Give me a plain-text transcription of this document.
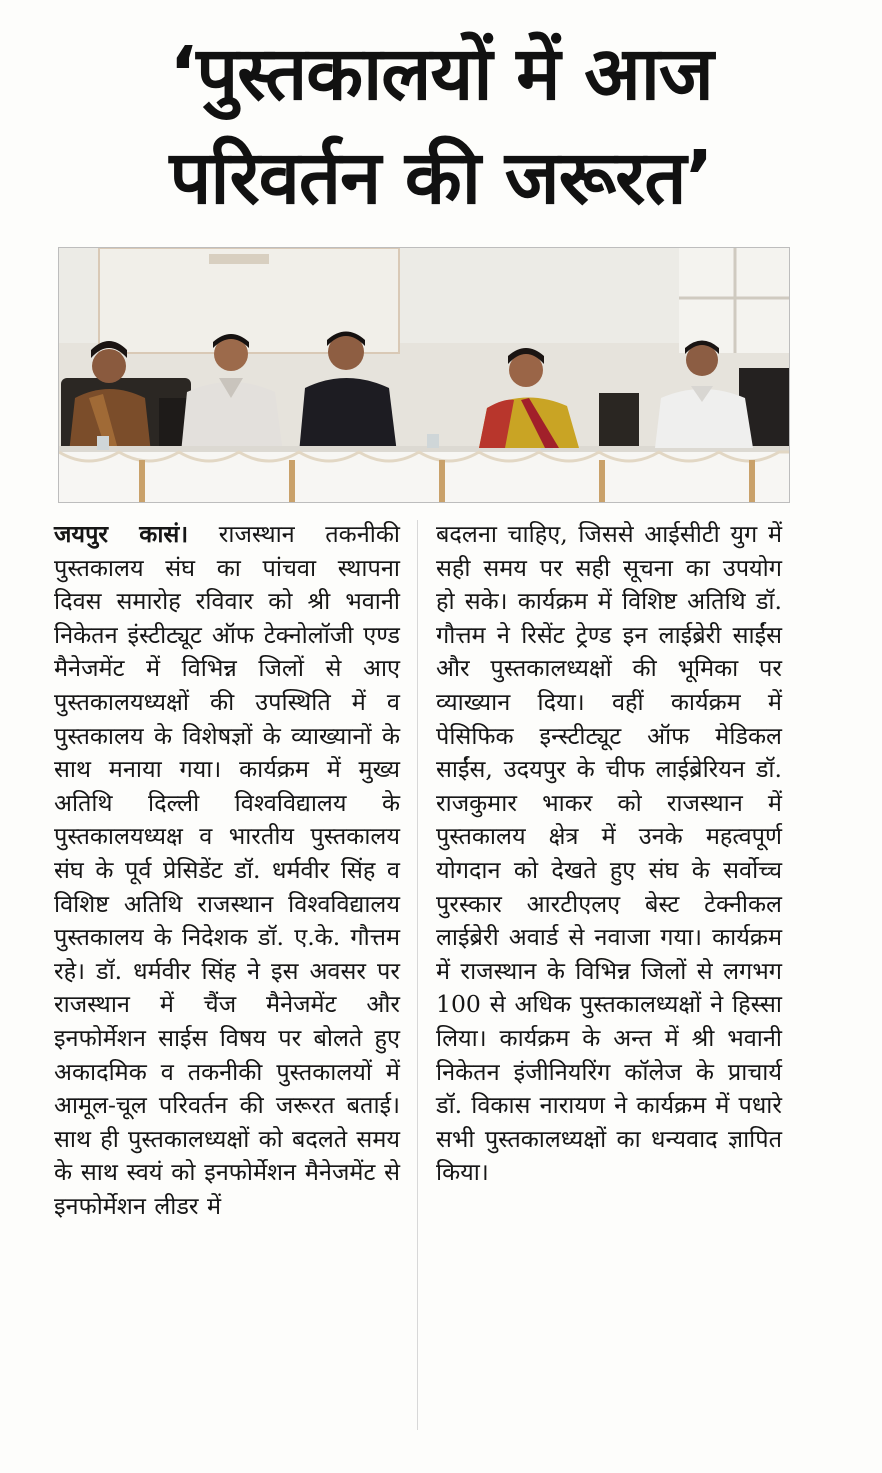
‘पुस्तकालयों में आज
परिवर्तन की जरूरत’

जयपुर कासं। राजस्थान तकनीकी पुस्तकालय संघ का पांचवा स्थापना दिवस समारोह रविवार को श्री भवानी निकेतन इंस्टीट्यूट ऑफ टेक्नोलॉजी एण्ड मैनेजमेंट में विभिन्न जिलों से आए पुस्तकालयध्यक्षों की उपस्थिति में व पुस्तकालय के विशेषज्ञों के व्याख्यानों के साथ मनाया गया। कार्यक्रम में मुख्य अतिथि दिल्ली विश्वविद्यालय के पुस्तकालयध्यक्ष व भारतीय पुस्तकालय संघ के पूर्व प्रेसिडेंट डॉ. धर्मवीर सिंह व विशिष्ट अतिथि राजस्थान विश्वविद्यालय पुस्तकालय के निदेशक डॉ. ए.के. गौत्तम रहे। डॉ. धर्मवीर सिंह ने इस अवसर पर राजस्थान में चैंज मैनेजमेंट और इनफोर्मेशन साईस विषय पर बोलते हुए अकादमिक व तकनीकी पुस्तकालयों में आमूल-चूल परिवर्तन की जरूरत बताई। साथ ही पुस्तकालध्यक्षों को बदलते समय के साथ स्वयं को इनफोर्मेशन मैनेजमेंट से इनफोर्मेशन लीडर में

बदलना चाहिए, जिससे आईसीटी युग में सही समय पर सही सूचना का उपयोग हो सके। कार्यक्रम में विशिष्ट अतिथि डॉ. गौत्तम ने रिसेंट ट्रेण्ड इन लाईब्रेरी साईंस और पुस्तकालध्यक्षों की भूमिका पर व्याख्यान दिया। वहीं कार्यक्रम में पेसिफिक इन्स्टीट्यूट ऑफ मेडिकल साईंस, उदयपुर के चीफ लाईब्रेरियन डॉ. राजकुमार भाकर को राजस्थान में पुस्तकालय क्षेत्र में उनके महत्वपूर्ण योगदान को देखते हुए संघ के सर्वोच्च पुरस्कार आरटीएलए बेस्ट टेक्नीकल लाईब्रेरी अवार्ड से नवाजा गया। कार्यक्रम में राजस्थान के विभिन्न जिलों से लगभग 100 से अधिक पुस्तकालध्यक्षों ने हिस्सा लिया। कार्यक्रम के अन्त में श्री भवानी निकेतन इंजीनियरिंग कॉलेज के प्राचार्य डॉ. विकास नारायण ने कार्यक्रम में पधारे सभी पुस्तकालध्यक्षों का धन्यवाद ज्ञापित किया।
